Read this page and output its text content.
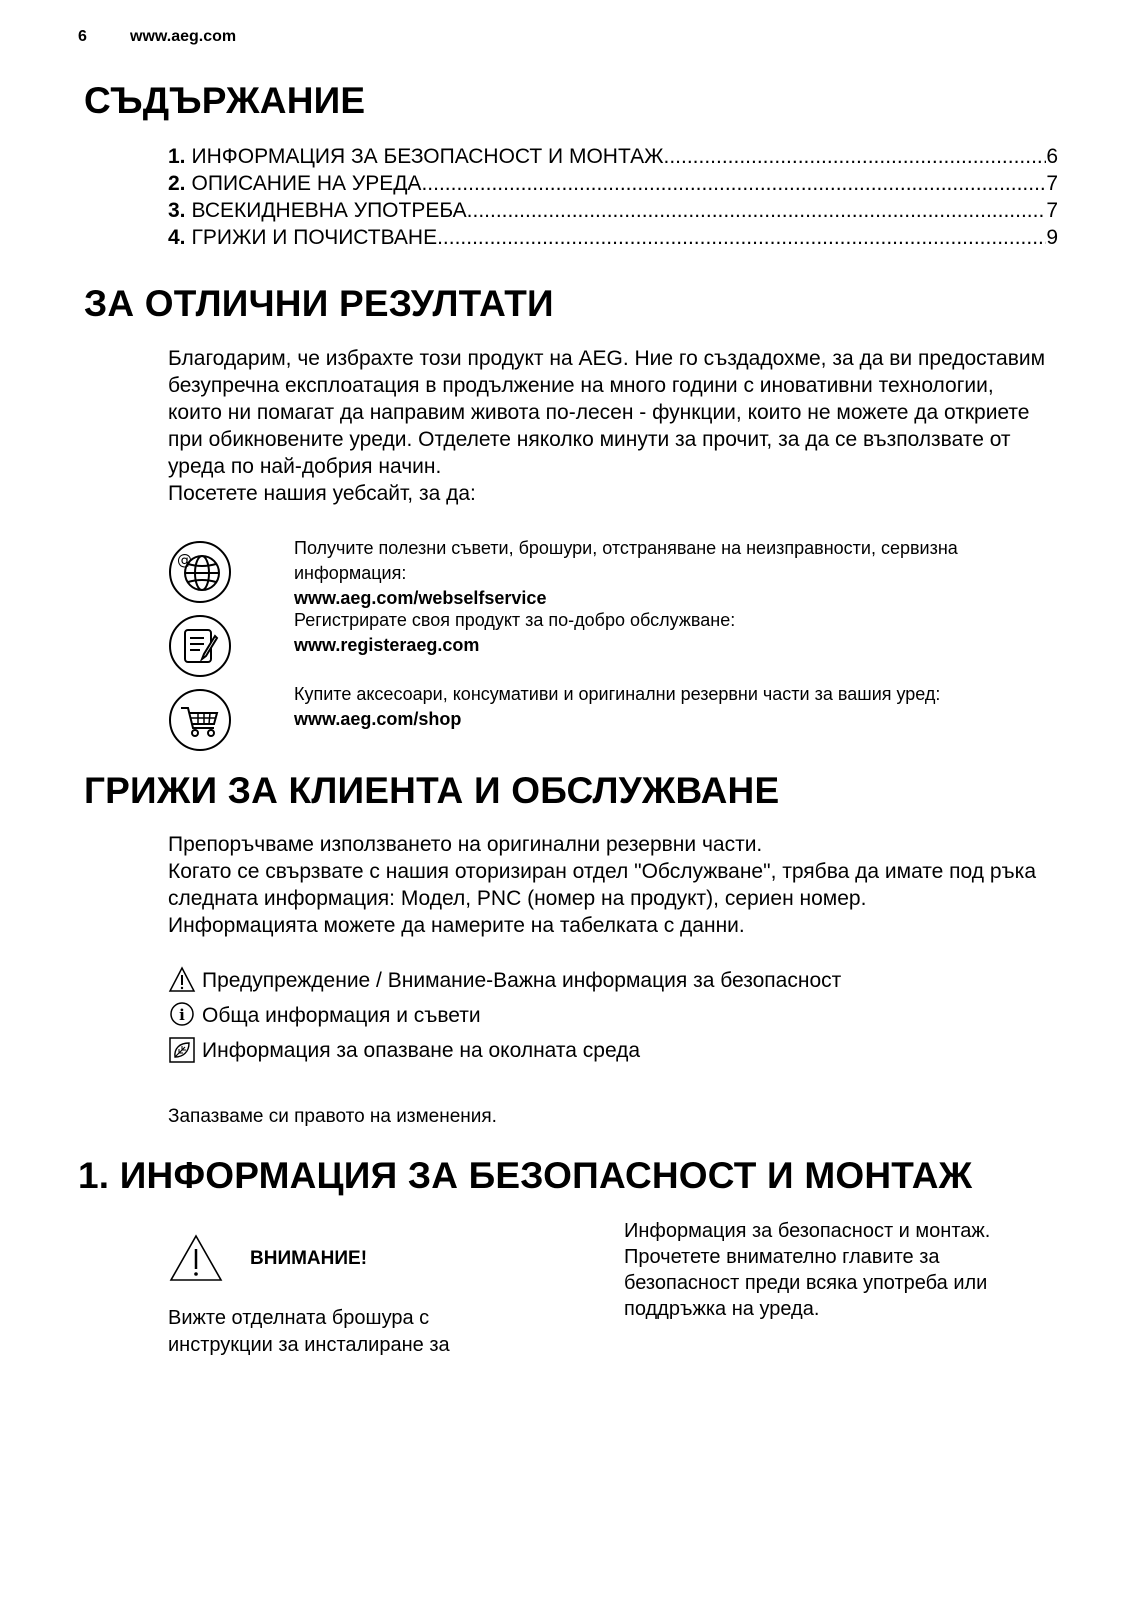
6	www.aeg.com
СЪДЪРЖАНИЕ
1. ИНФОРМАЦИЯ ЗА БЕЗОПАСНОСТ И МОНТАЖ .....	6
2. ОПИСАНИЕ НА УРЕДА .....	7
3. ВСЕКИДНЕВНА УПОТРЕБА .....	7
4. ГРИЖИ И ПОЧИСТВАНЕ .....	9
ЗА ОТЛИЧНИ РЕЗУЛТАТИ

Благодарим, че избрахте този продукт на AEG. Ние го създадохме, за да ви предоставим безупречна експлоатация в продължение на много години с иновативни технологии, които ни помагат да направим живота по-лесен - функции, които не можете да откриете при обикновените уреди. Отделете няколко минути за прочит, за да се възползвате от уреда по най-добрия начин.

Посетете нашия уебсайт, за да:

@
Получите полезни съвети, брошури, отстраняване на неизправности, сервизна информация:
www.aeg.com/webselfservice
Регистрирате своя продукт за по-добро обслужване:
www.registeraeg.com
Купите аксесоари, консумативи и оригинални резервни части за вашия уред:
www.aeg.com/shop
ГРИЖИ ЗА КЛИЕНТА И ОБСЛУЖВАНЕ

Препоръчваме използването на оригинални резервни части.

Когато се свързвате с нашия оторизиран отдел "Обслужване", трябва да имате под ръка следната информация: Модел, PNC (номер на продукт), сериен номер.

Информацията можете да намерите на табелката с данни.

Предупреждение / Внимание-Важна информация за безопасност
i Обща информация и съвети
Информация за опазване на околната среда
Запазваме си правото на изменения.
1. ИНФОРМАЦИЯ ЗА БЕЗОПАСНОСТ И МОНТАЖ
ВНИМАНИЕ!
Вижте отделната брошура с инструкции за инсталиране за
Информация за безопасност и монтаж. Прочетете внимателно главите за безопасност преди всяка употреба или поддръжка на уреда.
